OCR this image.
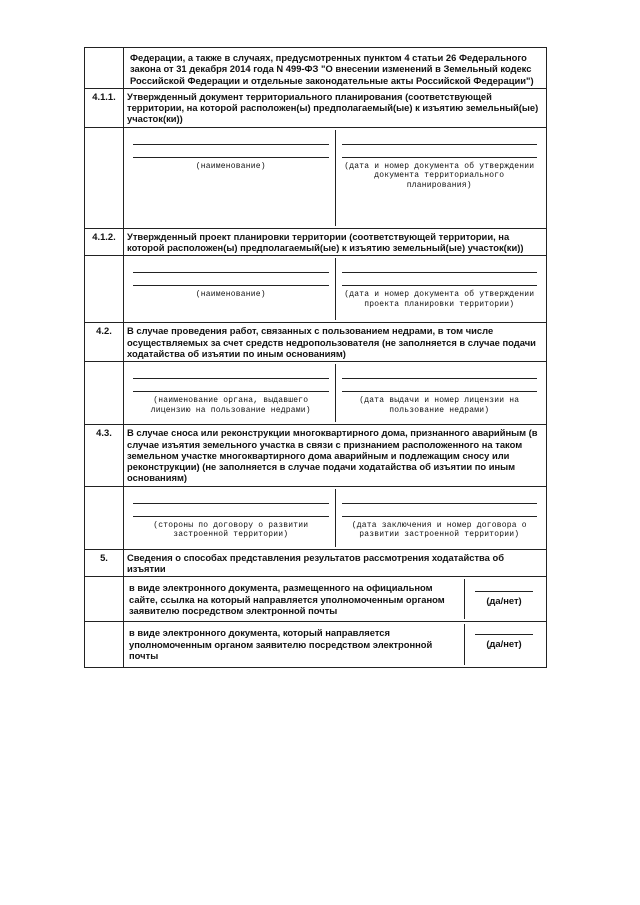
	Федерации, а также в случаях, предусмотренных пунктом 4 статьи 26 Федерального закона от 31 декабря 2014 года N 499-ФЗ "О внесении изменений в Земельный кодекс Российской Федерации и отдельные законодательные акты Российской Федерации")
4.1.1.	Утвержденный документ территориального планирования (соответствующей территории, на которой расположен(ы) предполагаемый(ые) к изъятию земельный(ые) участок(ки))

	(наименование) (дата и номер документа об утверждении документа территориального планирования)

4.1.2.	Утвержденный проект планировки территории (соответствующей территории, на которой расположен(ы) предполагаемый(ые) к изъятию земельный(ые) участок(ки))

	(наименование) (дата и номер документа об утверждении проекта планировки территории)

4.2.	В случае проведения работ, связанных с пользованием недрами, в том числе осуществляемых за счет средств недропользователя (не заполняется в случае подачи ходатайства об изъятии по иным основаниям)

	(наименование органа, выдавшего лицензию на пользование недрами)
(дата выдачи и номер лицензии на пользование недрами)

4.3.	В случае сноса или реконструкции многоквартирного дома, признанного аварийным (в случае изъятия земельного участка в связи с признанием расположенного на таком земельном участке многоквартирного дома аварийным и подлежащим сносу или реконструкции) (не заполняется в случае подачи ходатайства об изъятии по иным основаниям)

	(стороны по договору о развитии застроенной территории)
(дата заключения и номер договора о развитии застроенной территории)

5.	Сведения о способах представления результатов рассмотрения ходатайства об изъятии

	в виде электронного документа, размещенного на официальном сайте, ссылка на который направляется уполномоченным органом заявителю посредством электронной почты
(да/нет)

	в виде электронного документа, который направляется уполномоченным органом заявителю посредством электронной почты
(да/нет)
